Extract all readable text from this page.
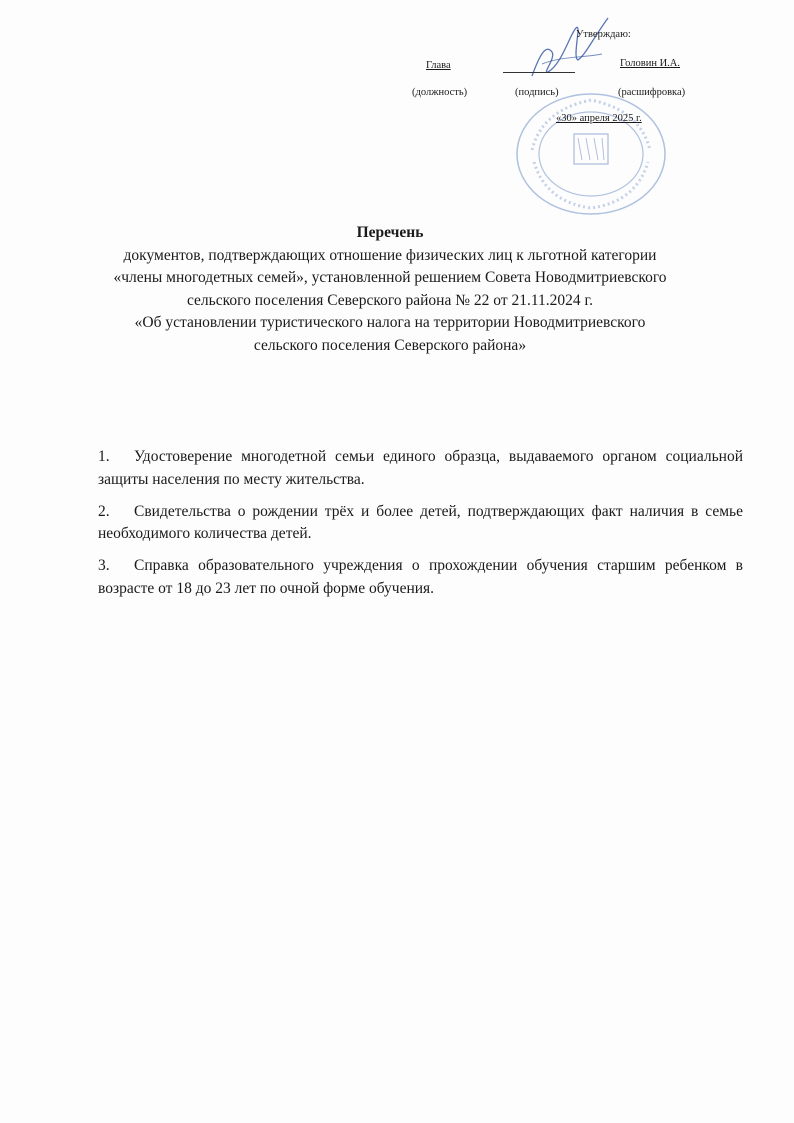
Утверждаю:
Глава	Головин И.А.
(должность)	(подпись)	(расшифровка)
«30» апреля 2025 г.
Перечень
документов, подтверждающих отношение физических лиц к льготной категории
«члены многодетных семей», установленной решением Совета Новодмитриевского
сельского поселения Северского района № 22 от 21.11.2024 г.
«Об установлении туристического налога на территории Новодмитриевского
сельского поселения Северского района»
1. Удостоверение многодетной семьи единого образца, выдаваемого органом социальной защиты населения по месту жительства.
2. Свидетельства о рождении трёх и более детей, подтверждающих факт наличия в семье необходимого количества детей.
3. Справка образовательного учреждения о прохождении обучения старшим ребенком в возрасте от 18 до 23 лет по очной форме обучения.
